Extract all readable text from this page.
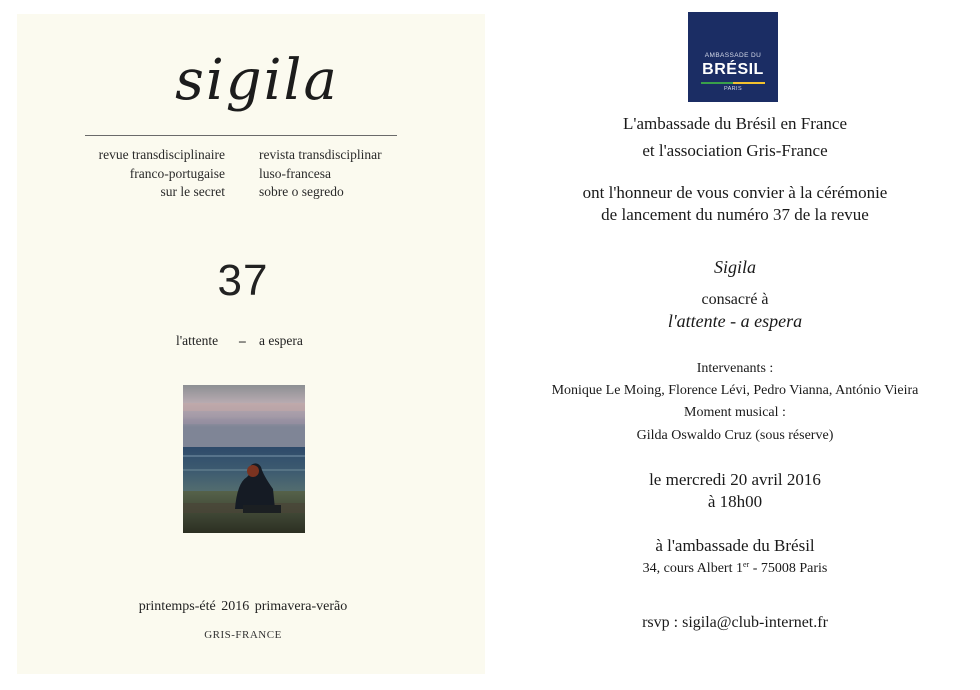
sigila
revue transdisciplinaire
franco-portugaise
sur le secret
revista transdisciplinar
luso-francesa
sobre o segredo
37
l'attente – a espera
printemps-été 2016 primavera-verão
GRIS-FRANCE
AMBASSADE DU
BRÉSIL
PARIS
L'ambassade du Brésil en France
et l'association Gris-France
ont l'honneur de vous convier à la cérémonie
de lancement du numéro 37 de la revue
Sigila
consacré à
l'attente - a espera
Intervenants :
Monique Le Moing, Florence Lévi, Pedro Vianna, António Vieira
Moment musical :
Gilda Oswaldo Cruz (sous réserve)
le mercredi 20 avril 2016
à 18h00
à l'ambassade du Brésil
34, cours Albert 1er - 75008 Paris
rsvp : sigila@club-internet.fr
